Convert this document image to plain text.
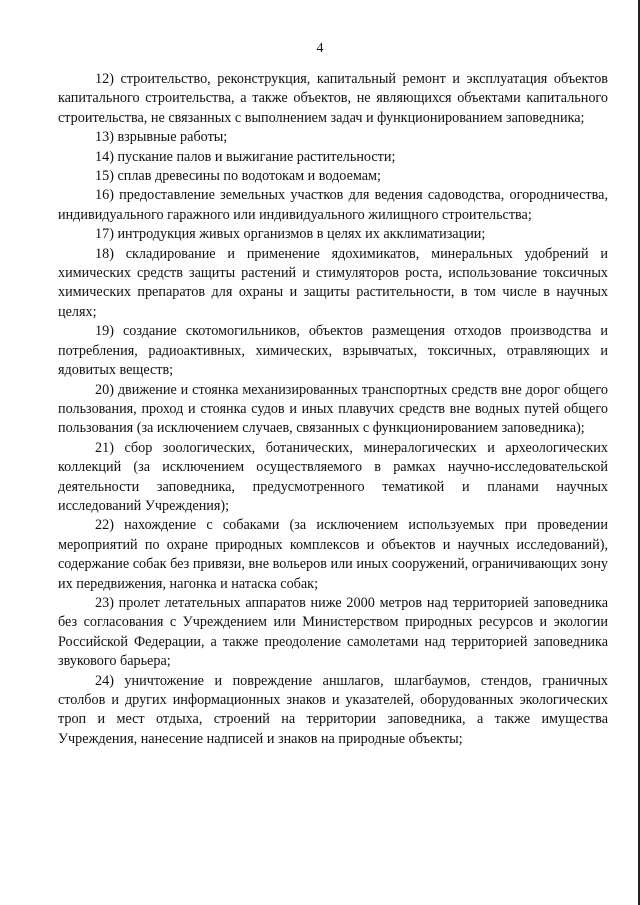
4

12) строительство, реконструкция, капитальный ремонт и эксплуатация объектов капитального строительства, а также объектов, не являющихся объектами капитального строительства, не связанных с выполнением задач и функционированием заповедника;

13) взрывные работы;

14) пускание палов и выжигание растительности;

15) сплав древесины по водотокам и водоемам;

16) предоставление земельных участков для ведения садоводства, огородничества, индивидуального гаражного или индивидуального жилищного строительства;

17) интродукция живых организмов в целях их акклиматизации;

18) складирование и применение ядохимикатов, минеральных удобрений и химических средств защиты растений и стимуляторов роста, использование токсичных химических препаратов для охраны и защиты растительности, в том числе в научных целях;

19) создание скотомогильников, объектов размещения отходов производства и потребления, радиоактивных, химических, взрывчатых, токсичных, отравляющих и ядовитых веществ;

20) движение и стоянка механизированных транспортных средств вне дорог общего пользования, проход и стоянка судов и иных плавучих средств вне водных путей общего пользования (за исключением случаев, связанных с функционированием заповедника);

21) сбор зоологических, ботанических, минералогических и археологических коллекций (за исключением осуществляемого в рамках научно-исследовательской деятельности заповедника, предусмотренного тематикой и планами научных исследований Учреждения);

22) нахождение с собаками (за исключением используемых при проведении мероприятий по охране природных комплексов и объектов и научных исследований), содержание собак без привязи, вне вольеров или иных сооружений, ограничивающих зону их передвижения, нагонка и натаска собак;

23) пролет летательных аппаратов ниже 2000 метров над территорией заповедника без согласования с Учреждением или Министерством природных ресурсов и экологии Российской Федерации, а также преодоление самолетами над территорией заповедника звукового барьера;

24) уничтожение и повреждение аншлагов, шлагбаумов, стендов, граничных столбов и других информационных знаков и указателей, оборудованных экологических троп и мест отдыха, строений на территории заповедника, а также имущества Учреждения, нанесение надписей и знаков на природные объекты;
